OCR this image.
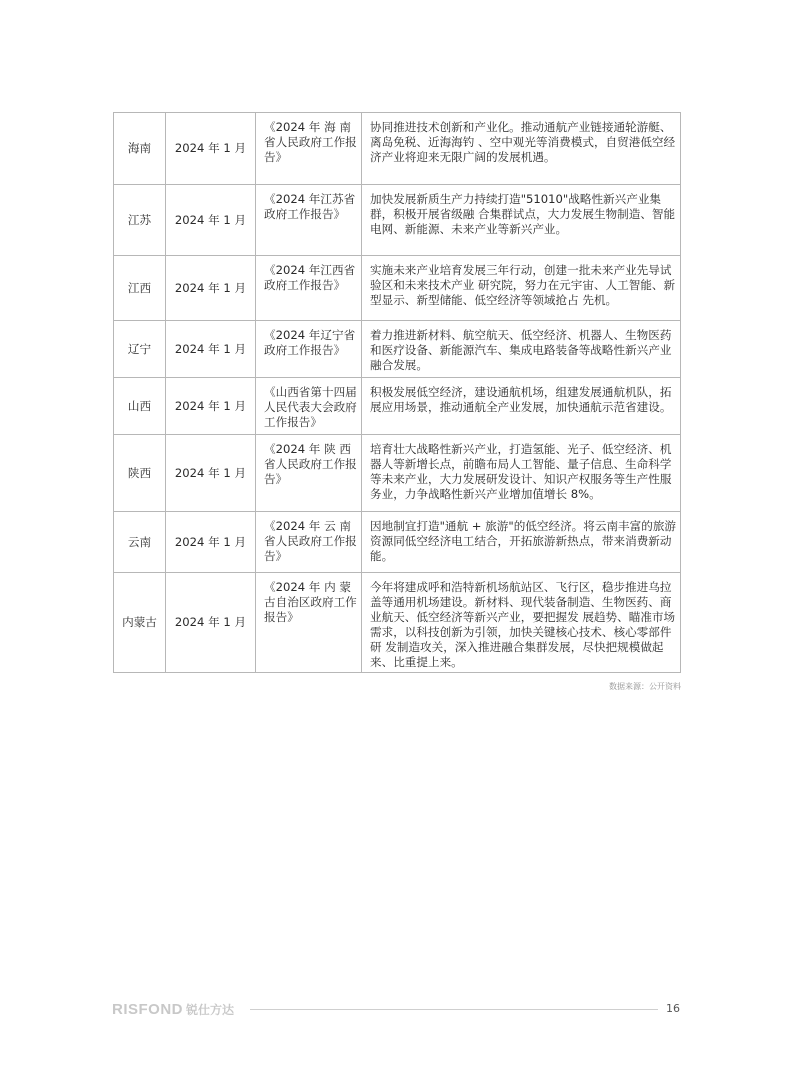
海南	2024 年 1 月	《2024 年 海 南省人民政府工作报告》	协同推进技术创新和产业化。推动通航产业链接通轮游艇、离岛免税、近海海钓 、空中观光等消费模式，自贸港低空经济产业将迎来无限广阔的发展机遇。
江苏	2024 年 1 月	《2024 年江苏省政府工作报告》	加快发展新质生产力持续打造"51010"战略性新兴产业集群，积极开展省级融 合集群试点，大力发展生物制造、智能电网、新能源、未来产业等新兴产业。
江西	2024 年 1 月	《2024 年江西省政府工作报告》	实施未来产业培育发展三年行动，创建一批未来产业先导试验区和未来技术产业 研究院，努力在元宇宙、人工智能、新型显示、新型储能、低空经济等领域抢占 先机。
辽宁	2024 年 1 月	《2024 年辽宁省政府工作报告》	着力推进新材料、航空航天、低空经济、机器人、生物医药和医疗设备、新能源汽车、集成电路装备等战略性新兴产业融合发展。
山西	2024 年 1 月	《山西省第十四届人民代表大会政府工作报告》	积极发展低空经济，建设通航机场，组建发展通航机队，拓展应用场景，推动通航全产业发展，加快通航示范省建设。
陕西	2024 年 1 月	《2024 年 陕 西省人民政府工作报告》	培育壮大战略性新兴产业，打造氢能、光子、低空经济、机器人等新增长点，前瞻布局人工智能、量子信息、生命科学等未来产业，大力发展研发设计、知识产权服务等生产性服务业，力争战略性新兴产业增加值增长 8%。
云南	2024 年 1 月	《2024 年 云 南省人民政府工作报告》	因地制宜打造"通航 + 旅游"的低空经济。将云南丰富的旅游资源同低空经济电工结合，开拓旅游新热点，带来消费新动能。
内蒙古	2024 年 1 月	《2024 年 内 蒙古自治区政府工作报告》	今年将建成呼和浩特新机场航站区、飞行区，稳步推进乌拉盖等通用机场建设。新材料、现代装备制造、生物医药、商业航天、低空经济等新兴产业，要把握发 展趋势、瞄准市场需求，以科技创新为引领，加快关键核心技术、核心零部件研 发制造攻关，深入推进融合集群发展，尽快把规模做起来、比重提上来。
数据来源：公开资料
RISFOND 锐仕方达	16
